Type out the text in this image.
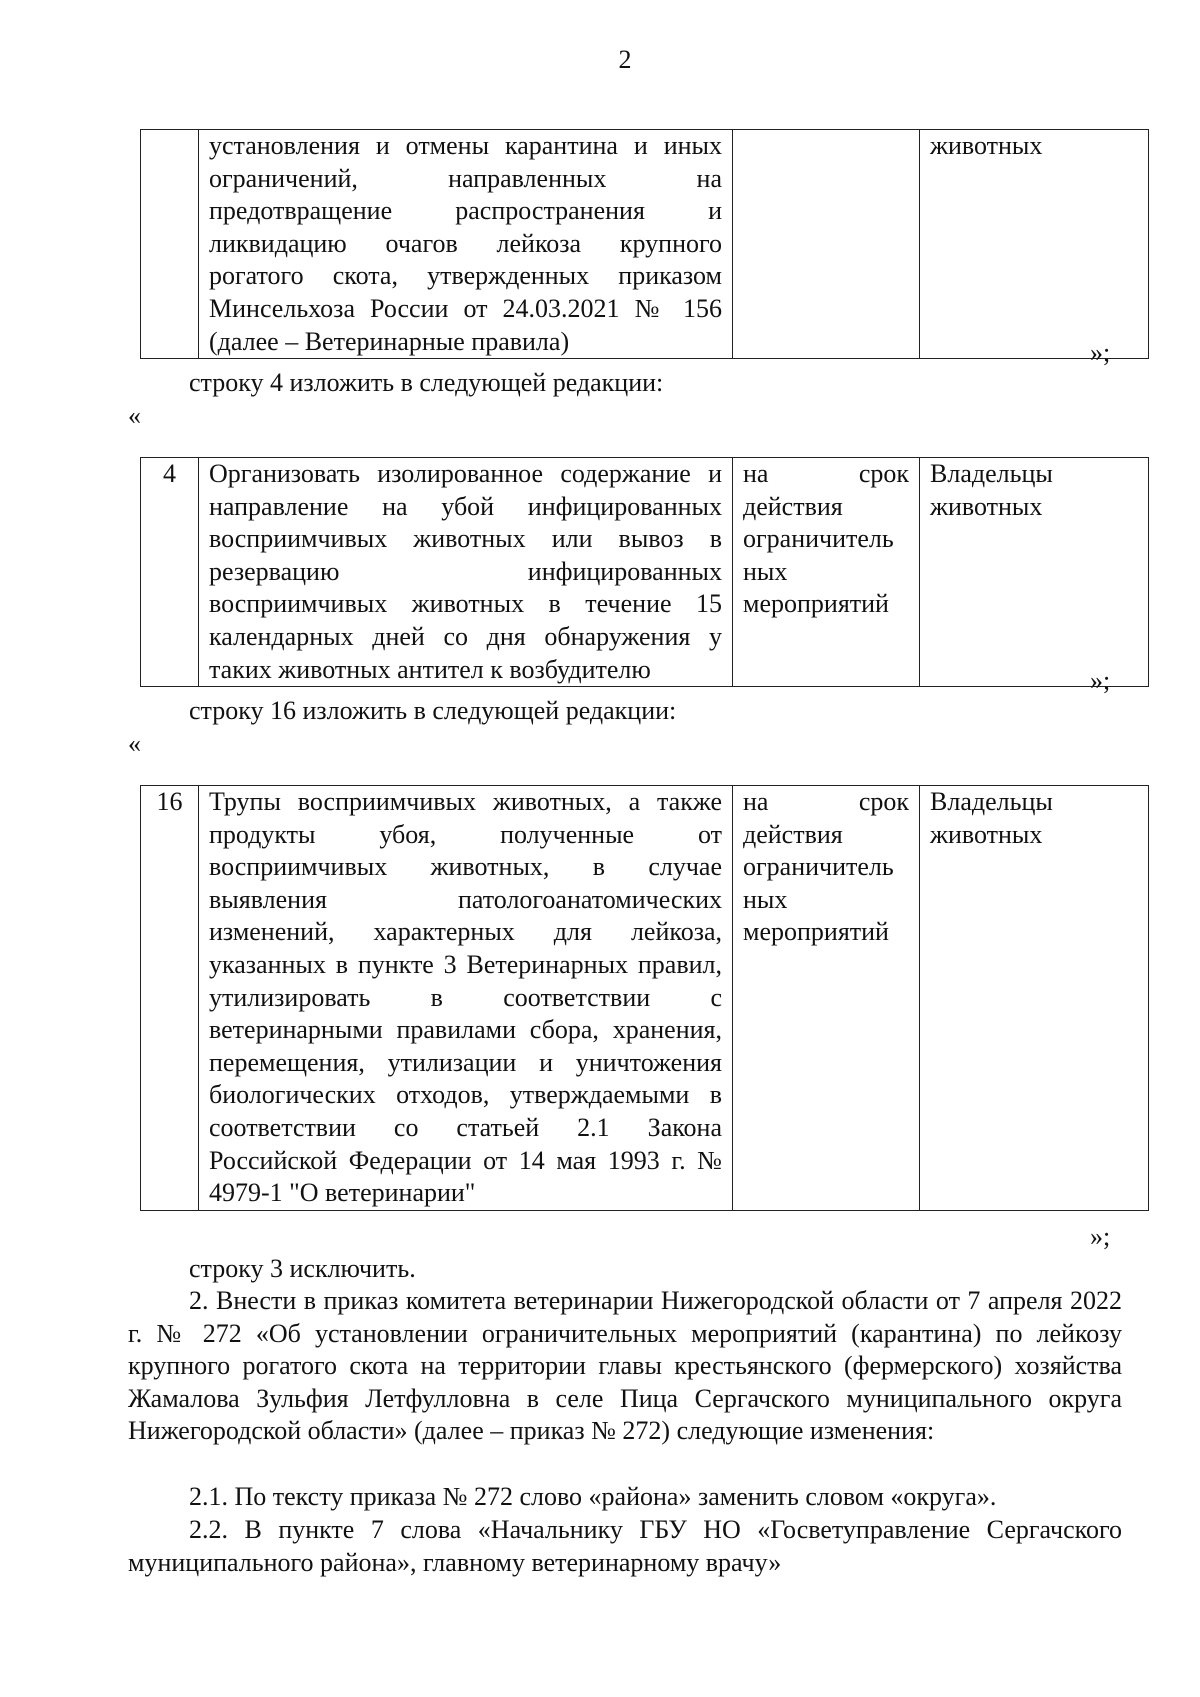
2
	установления и отмены карантина и иных ограничений, направленных на предотвращение распространения и ликвидацию очагов лейкоза крупного рогатого скота, утвержденных приказом Минсельхоза России от 24.03.2021 № 156 (далее – Ветеринарные правила)		животных
»;
строку 4 изложить в следующей редакции:
«
4	Организовать изолированное содержание и направление на убой инфицированных восприимчивых животных или вывоз в резервацию инфицированных восприимчивых животных в течение 15 календарных дней со дня обнаружения у таких животных антител к возбудителю	на срок действия ограничитель ных мероприятий	Владельцы животных
»;
строку 16 изложить в следующей редакции:
«
16	Трупы восприимчивых животных, а также продукты убоя, полученные от восприимчивых животных, в случае выявления патологоанатомических изменений, характерных для лейкоза, указанных в пункте 3 Ветеринарных правил, утилизировать в соответствии с ветеринарными правилами сбора, хранения, перемещения, утилизации и уничтожения биологических отходов, утверждаемыми в соответствии со статьей 2.1 Закона Российской Федерации от 14 мая 1993 г. № 4979-1 "О ветеринарии"	на срок действия ограничитель ных мероприятий	Владельцы животных
»;
строку 3 исключить.
2. Внести в приказ комитета ветеринарии Нижегородской области от 7 апреля 2022 г. № 272 «Об установлении ограничительных мероприятий (карантина) по лейкозу крупного рогатого скота на территории главы крестьянского (фермерского) хозяйства Жамалова Зульфия Летфулловна в селе Пица Сергачского муниципального округа Нижегородской области» (далее – приказ № 272) следующие изменения:
2.1. По тексту приказа № 272 слово «района» заменить словом «округа».
2.2. В пункте 7 слова «Начальнику ГБУ НО «Госветуправление Сергачского муниципального района», главному ветеринарному врачу»
